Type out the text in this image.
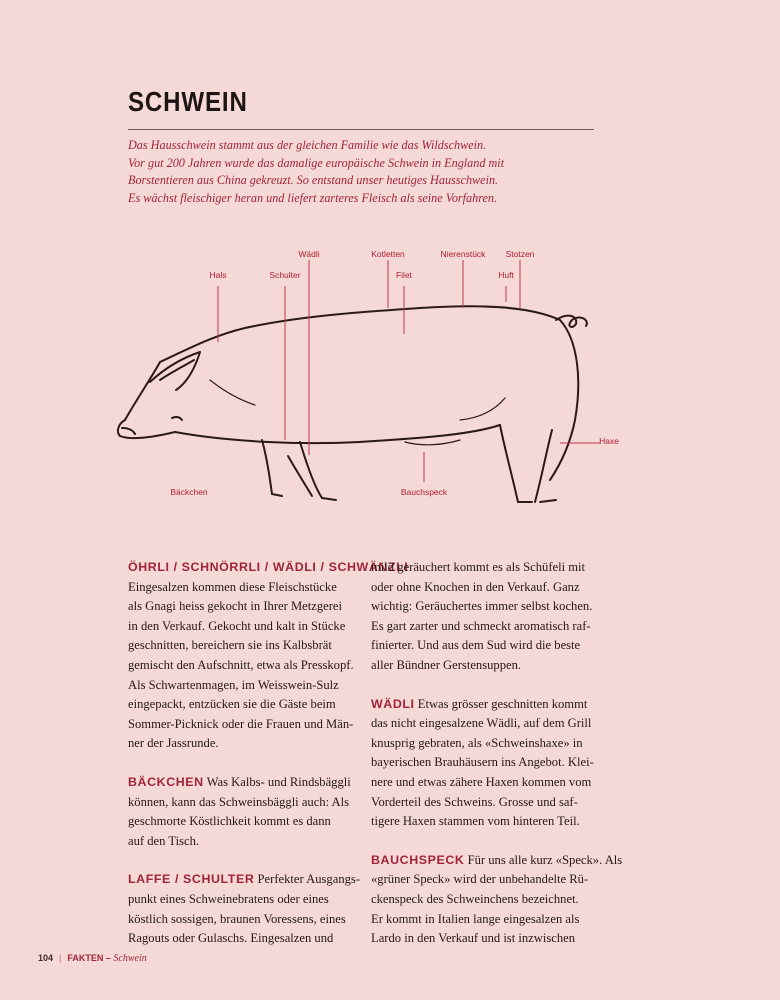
SCHWEIN
Das Hausschwein stammt aus der gleichen Familie wie das Wildschwein.
Vor gut 200 Jahren wurde das damalige europäische Schwein in England mit
Borstentieren aus China gekreuzt. So entstand unser heutiges Hausschwein.
Es wächst fleischiger heran und liefert zarteres Fleisch als seine Vorfahren.
Wädli	Kotletten	Nierenstück Stotzen
Hals	Schulter	Filet	Huft
Haxe
Bäckchen	Bauchspeck
ÖHRLI / SCHNÖRRLI / WÄDLI / SCHWÄNZLI
Eingesalzen kommen diese Fleischstücke
als Gnagi heiss gekocht in Ihrer Metzgerei
in den Verkauf. Gekocht und kalt in Stücke
geschnitten, bereichern sie ins Kalbsbrät
gemischt den Aufschnitt, etwa als Presskopf.
Als Schwartenmagen, im Weisswein-Sulz
eingepackt, entzücken sie die Gäste beim
Sommer-Picknick oder die Frauen und Män-
ner der Jassrunde.
BÄCKCHEN Was Kalbs- und Rindsbäggli
können, kann das Schweinsbäggli auch: Als
geschmorte Köstlichkeit kommt es dann
auf den Tisch.
LAFFE / SCHULTER Perfekter Ausgangs-
punkt eines Schweinebratens oder eines
köstlich sossigen, braunen Voressens, eines
Ragouts oder Gulaschs. Eingesalzen und
mild geräuchert kommt es als Schüfeli mit
oder ohne Knochen in den Verkauf. Ganz
wichtig: Geräuchertes immer selbst kochen.
Es gart zarter und schmeckt aromatisch raf-
finierter. Und aus dem Sud wird die beste
aller Bündner Gerstensuppen.
WÄDLI Etwas grösser geschnitten kommt
das nicht eingesalzene Wädli, auf dem Grill
knusprig gebraten, als «Schweinshaxe» in
bayerischen Brauhäusern ins Angebot. Klei-
nere und etwas zähere Haxen kommen vom
Vorderteil des Schweins. Grosse und saf-
tigere Haxen stammen vom hinteren Teil.
BAUCHSPECK Für uns alle kurz «Speck». Als
«grüner Speck» wird der unbehandelte Rü-
ckenspeck des Schweinchens bezeichnet.
Er kommt in Italien lange eingesalzen als
Lardo in den Verkauf und ist inzwischen
104 | FAKTEN – Schwein
